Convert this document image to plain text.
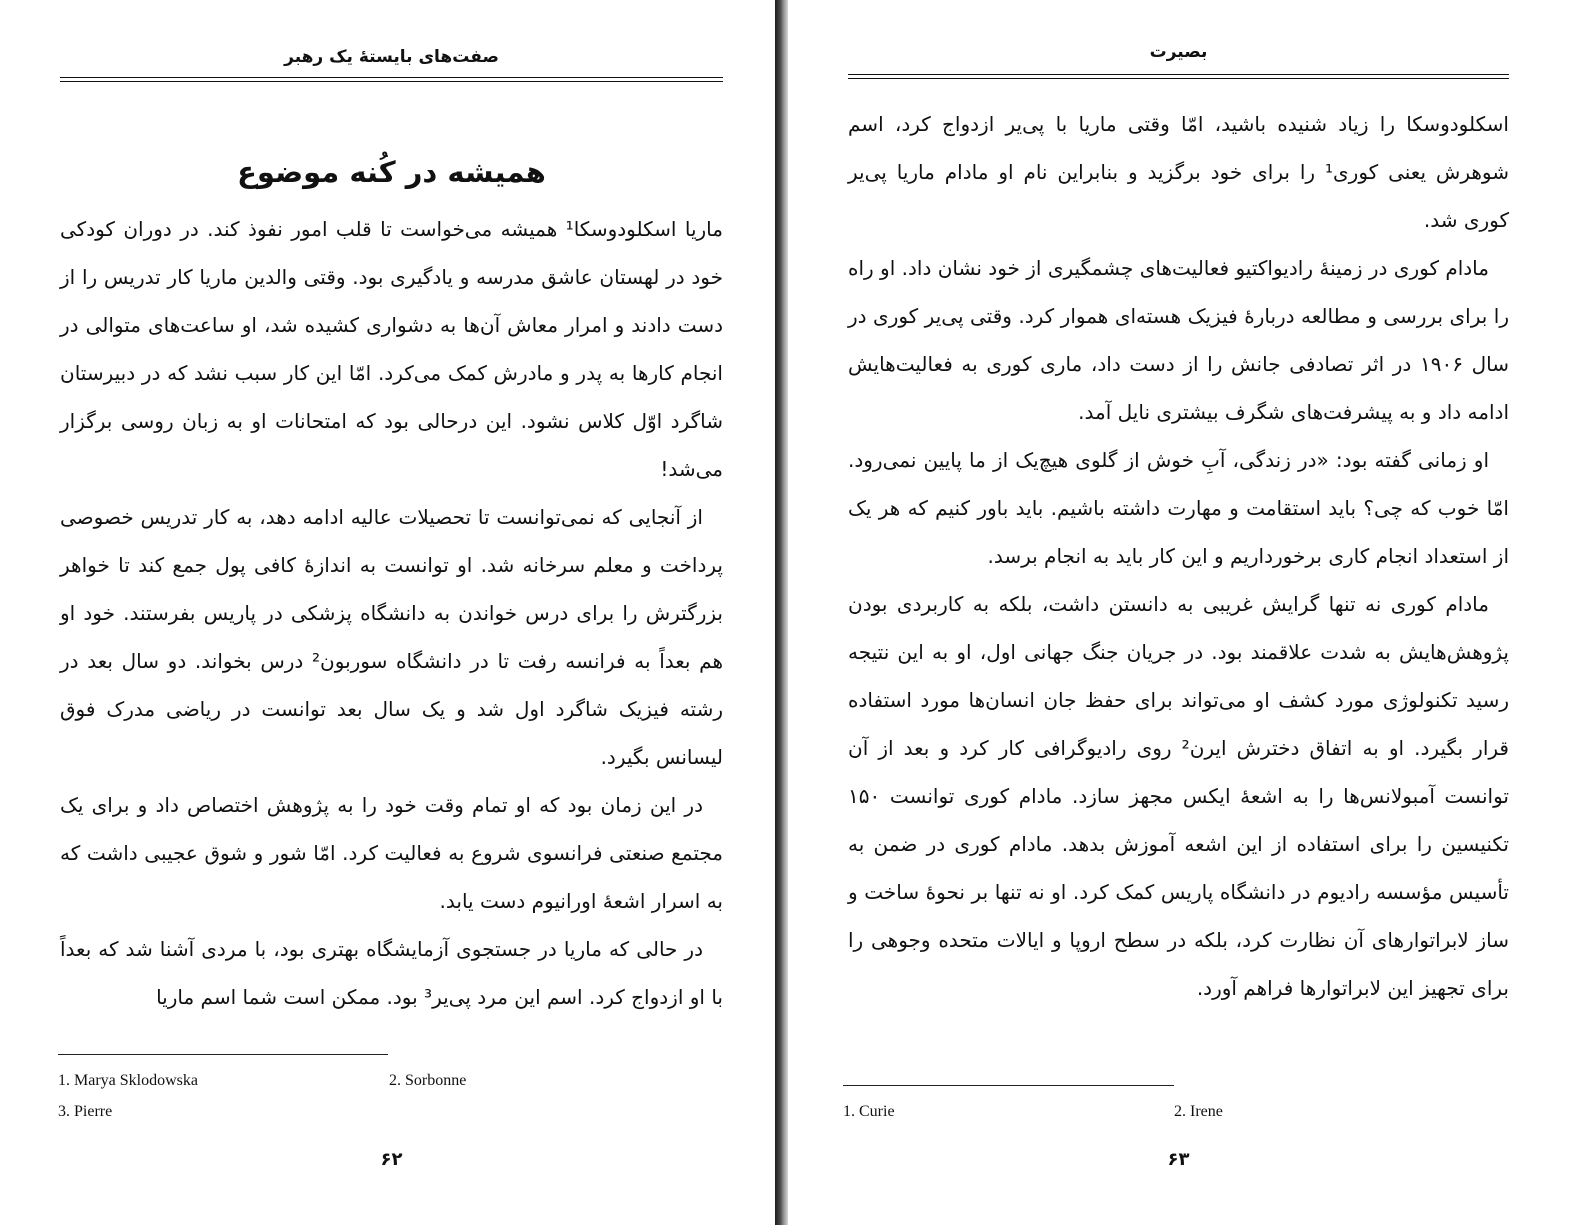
صفت‌های بایستهٔ یک رهبر
همیشه در کُنه موضوع

ماریا اسکلودوسکا¹ همیشه می‌خواست تا قلب امور نفوذ کند. در دوران کودکی خود در لهستان عاشق مدرسه و یادگیری بود. وقتی والدین ماریا کار تدریس را از دست دادند و امرار معاش آن‌ها به دشواری کشیده شد، او ساعت‌های متوالی در انجام کارها به پدر و مادرش کمک می‌کرد. امّا این کار سبب نشد که در دبیرستان شاگرد اوّل کلاس نشود. این درحالی بود که امتحانات او به زبان روسی برگزار می‌شد!

از آنجایی که نمی‌توانست تا تحصیلات عالیه ادامه دهد، به کار تدریس خصوصی پرداخت و معلم سرخانه شد. او توانست به اندازهٔ کافی پول جمع کند تا خواهر بزرگترش را برای درس خواندن به دانشگاه پزشکی در پاریس بفرستند. خود او هم بعداً به فرانسه رفت تا در دانشگاه سوربون² درس بخواند. دو سال بعد در رشته فیزیک شاگرد اول شد و یک سال بعد توانست در ریاضی مدرک فوق لیسانس بگیرد.

در این زمان بود که او تمام وقت خود را به پژوهش اختصاص داد و برای یک مجتمع صنعتی فرانسوی شروع به فعالیت کرد. امّا شور و شوق عجیبی داشت که به اسرار اشعهٔ اورانیوم دست یابد.

در حالی که ماریا در جستجوی آزمایشگاه بهتری بود، با مردی آشنا شد که بعداً با او ازدواج کرد. اسم این مرد پی‌یر³ بود. ممکن است شما اسم ماریا

1. Marya Sklodowska	2. Sorbonne
3. Pierre
۶۲
بصیرت

اسکلودوسکا را زیاد شنیده باشید، امّا وقتی ماریا با پی‌یر ازدواج کرد، اسم شوهرش یعنی کوری¹ را برای خود برگزید و بنابراین نام او مادام ماریا پی‌یر کوری شد.

مادام کوری در زمینهٔ رادیواکتیو فعالیت‌های چشمگیری از خود نشان داد. او راه را برای بررسی و مطالعه دربارهٔ فیزیک هسته‌ای هموار کرد. وقتی پی‌یر کوری در سال ۱۹۰۶ در اثر تصادفی جانش را از دست داد، ماری کوری به فعالیت‌هایش ادامه داد و به پیشرفت‌های شگرف بیشتری نایل آمد.

او زمانی گفته بود: «در زندگی، آبِ خوش از گلوی هیچ‌یک از ما پایین نمی‌رود. امّا خوب که چی؟ باید استقامت و مهارت داشته باشیم. باید باور کنیم که هر یک از استعداد انجام کاری برخورداریم و این کار باید به انجام برسد.

مادام کوری نه تنها گرایش غریبی به دانستن داشت، بلکه به کاربردی بودن پژوهش‌هایش به شدت علاقمند بود. در جریان جنگ جهانی اول، او به این نتیجه رسید تکنولوژی مورد کشف او می‌تواند برای حفظ جان انسان‌ها مورد استفاده قرار بگیرد. او به اتفاق دخترش ایرن² روی رادیوگرافی کار کرد و بعد از آن توانست آمبولانس‌ها را به اشعهٔ ایکس مجهز سازد. مادام کوری توانست ۱۵۰ تکنیسین را برای استفاده از این اشعه آموزش بدهد. مادام کوری در ضمن به تأسیس مؤسسه رادیوم در دانشگاه پاریس کمک کرد. او نه تنها بر نحوهٔ ساخت و ساز لابراتوارهای آن نظارت کرد، بلکه در سطح اروپا و ایالات متحده وجوهی را برای تجهیز این لابراتوارها فراهم آورد.

1. Curie	2. Irene
۶۳
